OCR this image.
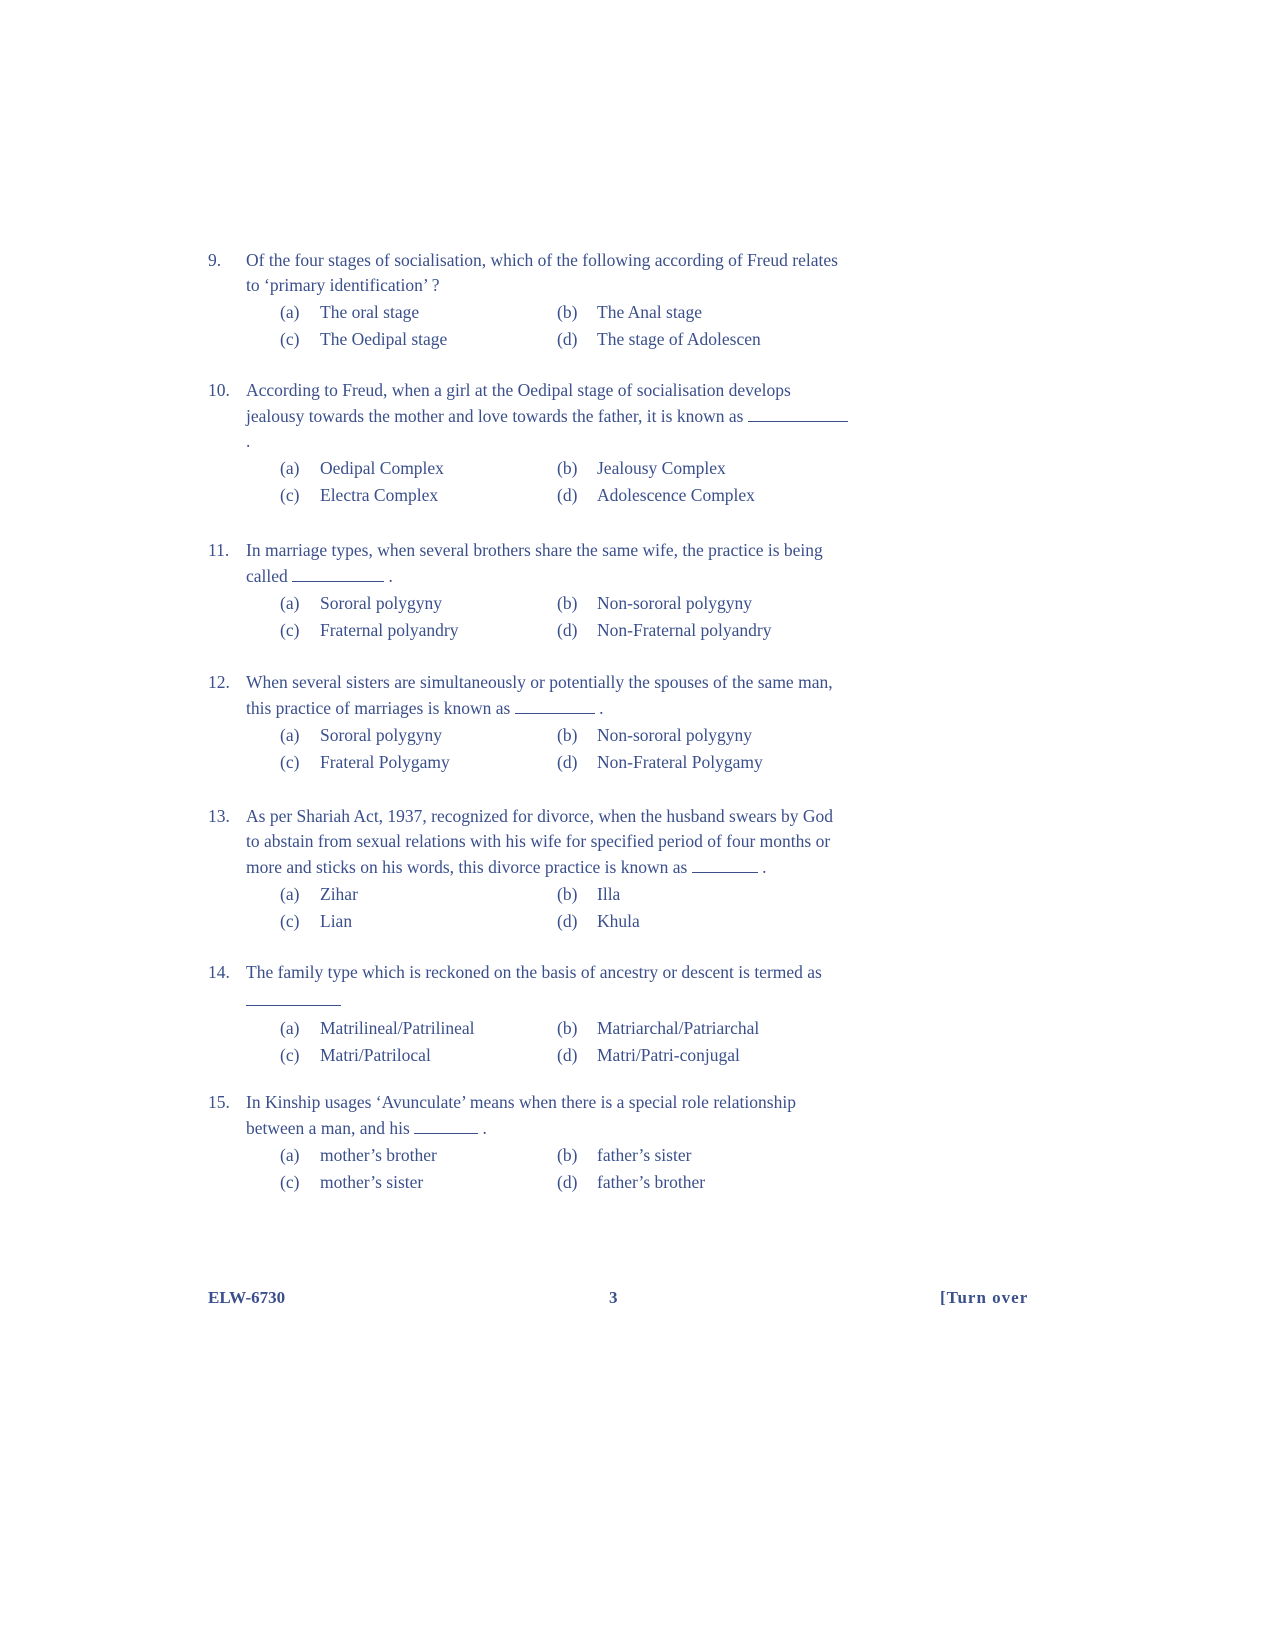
9. Of the four stages of socialisation, which of the following according of Freud relates to ‘primary identification’ ?
(a)	The oral stage	(b)	The Anal stage
(c)	The Oedipal stage	(d)	The stage of Adolescen
10. According to Freud, when a girl at the Oedipal stage of socialisation develops jealousy towards the mother and love towards the father, it is known as  .
(a)	Oedipal Complex	(b)	Jealousy Complex
(c)	Electra Complex	(d)	Adolescence Complex
11. In marriage types, when several brothers share the same wife, the practice is being called	.
(a)	Sororal polygyny	(b)	Non-sororal polygyny
(c)	Fraternal polyandry	(d)	Non-Fraternal polyandry
12. When several sisters are simultaneously or potentially the spouses of the same man, this practice of marriages is known as	.
(a)	Sororal polygyny	(b)	Non-sororal polygyny
(c)	Frateral Polygamy	(d)	Non-Frateral Polygamy
13. As per Shariah Act, 1937, recognized for divorce, when the husband swears by God to abstain from sexual relations with his wife for specified period of four months or more and sticks on his words, this divorce practice is known as	.
(a)	Zihar	(b)	Illa
(c)	Lian	(d)	Khula
14. The family type which is reckoned on the basis of ancestry or descent is termed as
(a)	Matrilineal/Patrilineal	(b)	Matriarchal/Patriarchal
(c)	Matri/Patrilocal	(d)	Matri/Patri-conjugal
15. In Kinship usages ‘Avunculate’ means when there is a special role relationship between a man, and his	.
(a)	mother’s brother	(b)	father’s sister
(c)	mother’s sister	(d)	father’s brother
ELW-6730	3	[Turn over
